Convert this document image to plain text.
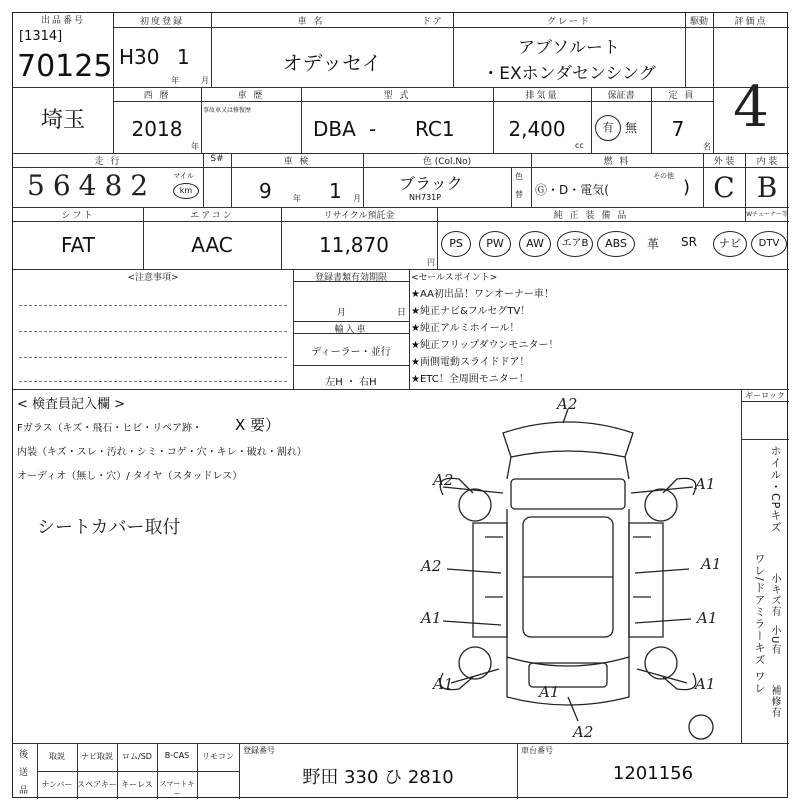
出品番号
[1314]
70125
初度登録
H30 1
年	月
車 名	ドア
オデッセイ
グレード
アブソルート
・EXホンダセンシング
駆動	評価点
4
埼玉
西 暦
2018
年
車 歴
事故車又は修復歴
型 式
DBA - RC1
排気量
2,400
cc
保証書
有 無
定 員
7
名
走 行
56482 マイル
km
S#	車 検
9	年 1 月
色 (Col.No)
ブラック
NH731P
色
替
燃 料
Ⓖ・D・電気(
その他
)
外 装	内 装
C B
シフト
FAT
エアコン
AAC
リサイクル預託金
11,870
円
純 正 装 備 品	Wチューナー等
PS	PW	AW	エアB	ABS	革 SR	ナビ	DTV
<注意事項>	登録書類有効期限
月	日
輸入車
ディーラー・並行
左H ・ 右H
<セールスポイント>
★AA初出品！ワンオーナー車！
★純正ナビ&フルセグTV！
★純正アルミホイール！
★純正フリップダウンモニター！
★両側電動スライドドア！
★ETC！全周囲モニター！
< 検査員記入欄 >
Fガラス（キズ・飛石・ヒビ・リペア跡・ X 要）
内装（キズ・スレ・汚れ・シミ・コゲ・穴・キレ・破れ・割れ）
オーディオ（無し・穴）/ タイヤ（スタッドレス）
シートカバー取付
ギーロック
ホイル・CPキズ
ワレ/ドアミラーキズ ワレ 小キズ有
小U有
補修有
A2
A2	A1
A2	A1
A1	A1
A1	A1
A1
A2
後
送
品
取説	ナビ取説	ロム/SD	B-CAS	リモコン
ナンバー スペアキー キーレス スマートキー
登録番号
野田 330 ひ 2810
車台番号
1201156
